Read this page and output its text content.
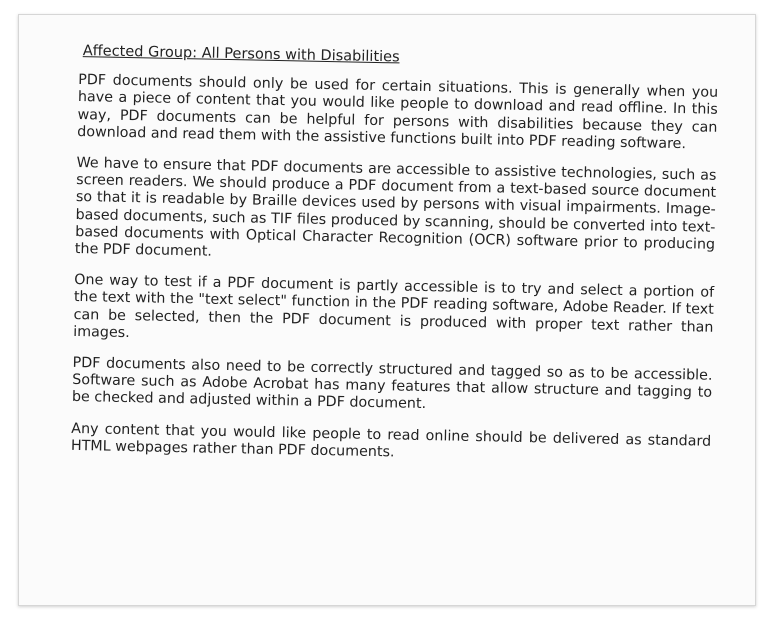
Affected Group: All Persons with Disabilities

PDF documents should only be used for certain situations. This is generally when you have a piece of content that you would like people to download and read offline. In this way, PDF documents can be helpful for persons with disabilities because they can download and read them with the assistive functions built into PDF reading software.

We have to ensure that PDF documents are accessible to assistive technologies, such as screen readers. We should produce a PDF document from a text-based source document so that it is readable by Braille devices used by persons with visual impairments. Image-based documents, such as TIF files produced by scanning, should be converted into text-based documents with Optical Character Recognition (OCR) software prior to producing the PDF document.

One way to test if a PDF document is partly accessible is to try and select a portion of the text with the "text select" function in the PDF reading software, Adobe Reader. If text can be selected, then the PDF document is produced with proper text rather than images.

PDF documents also need to be correctly structured and tagged so as to be accessible. Software such as Adobe Acrobat has many features that allow structure and tagging to be checked and adjusted within a PDF document.

Any content that you would like people to read online should be delivered as standard HTML webpages rather than PDF documents.
